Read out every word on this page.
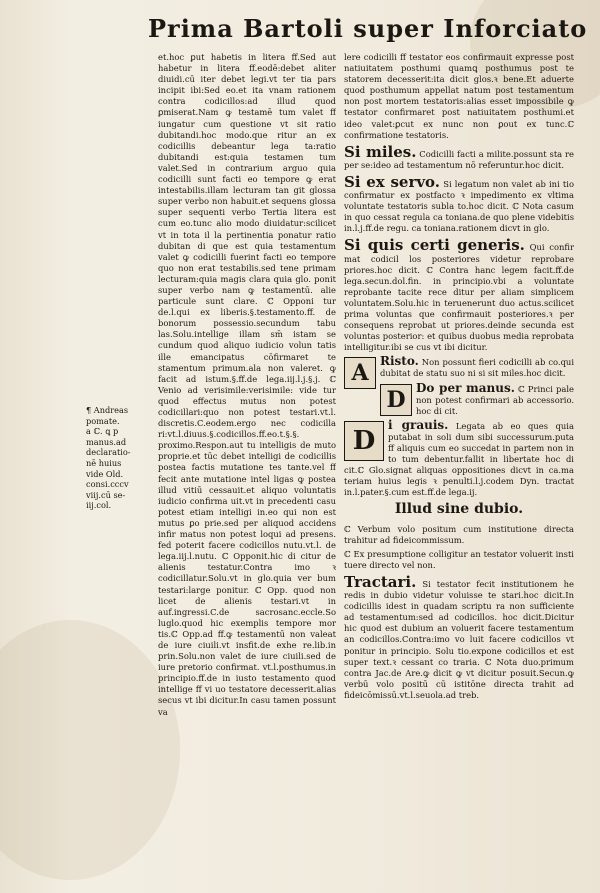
Prima Bartoli super Inforciato

¶ Andreas

pomate.

a ℂ. ꝗ p

manus.ad

declaratio-

nē huius

vide Old.

consi.cccv

viij.cū se-

iij.col.

et.hoc ꝑut habetis in litera ff.Sed aut habetur in litera ff.eodē:debet aliter diuidi.cū iter debet legi.vt ter tia pars incipit ibi:Sed eo.et ita vnam rationem contra codicillos:ad illud quod ꝑmiserat.Nam ꝙ testamē tum valet ff iungatur cum questione vt sit ratio dubitandi.hoc modo.que ritur an ex codicillis debeantur lega ta:ratio dubitandi est:quia testamen tum valet.Sed in contrarium arguo quia codicilli sunt facti eo tempore ꝙ erat intestabilis.illam lecturam tan git glossa super verbo non habuit.et sequens glossa super sequenti verbo Tertia litera est cum eo.tunc alio modo diuidatur:scilicet vt in tota il la pertinentia ponatur ratio dubitan di que est quia testamentum valet ꝙ codicilli fuerint facti eo tempore quo non erat testabilis.sed tene primam lecturam:quia magis clara quia glo. ponit super verbo nam ꝙ testamentū. alie particule sunt clare. ℂ Opponi tur de.l.qui ex liberis.§.testamento.ff. de bonorum possessio.secundum tabu las.Solu.intellige illam sm̄ istam se cundum quod aliquo iudicio volun tatis ille emancipatus cōfirmaret te stamentum primum.ala non valeret. ꝙ facit ad istum.§.ff.de lega.iij.l.j.§.j. ℂ Venio ad verisimile:verisimile: vide tur quod effectus mutus non potest codicillari:quo non potest testari.vt.l. discretis.C.eodem.ergo nec codicilla ri:vt.l.diuus.§.codicillos.ff.eo.t.§.§. proximo.Respon.aut tu intelligis de muto proprie.et tūc debet intelligi de codicillis postea factis mutatione tes tante.vel ff fecit ante mutatione intel ligas ꝙ postea illud vitiū cessauit.et aliquo voluntatis iudicio confirma uit.vt in precedenti casu potest etiam intelligi in.eo qui non est mutus ꝑo prie.sed per aliquod accidens infir matus non potest loqui ad presens. fed poterit facere codicillos nutu.vt.l. de lega.iij.l.nutu. ℂ Opponit.hic di citur de alienis testatur.Contra imo ꝛ codicillatur.Solu.vt in glo.quia ver bum testari:large ponitur. ℂ Opp. quod non licet de alienis testari.vt in auf.ingressi.C.de sacrosanc.eccle.So luglo.quod hic exemplis tempore mor tis.ℂ Opp.ad ff.ꝙ testamentū non valeat de iure ciuili.vt insfit.de exhe re.lib.in prin.Solu.non valet de iure ciuili.sed de iure pretorio confirmat. vt.l.posthumus.in principio.ff.de in iusto testamento quod intellige ff vi uo testatore decesserit.alias secus vt ibi dicitur.In casu tamen possunt va

lere codicilli ff testator eos confirmauit expresse post natiuitatem posthumi quamꝗ posthumus post te statorem decesserit:ita dicit glos.ꝛ bene.Et aduerte quod posthumum appellat natum post testamentum non post mortem testatoris:alias esset impossibile ꝙ testator confirmaret post natiuitatem posthumi.et ideo valet:ꝑcut ex nunc non ꝑout ex tunc.ℂ confirmatione testatoris.

Si miles. Codicilli facti a milite.possunt sta re per se:ideo ad testamentum nō referuntur.hoc dicit.

Si ex servo. Si legatum non valet ab ini tio confirmatur ex postfacto ꝛ impedimento ex vltima voluntate testatoris subla to.hoc dicit. ℂ Nota casum in quo cessat regula ca toniana.de quo plene videbitis in.l.j.ff.de regu. ca toniana.rationem dicvt in glo.

Si quis certi generis. Qui confir mat codicil los posteriores videtur reprobare priores.hoc dicit. ℂ Contra hanc legem facit.ff.de lega.secun.dol.fin. in principio.vbi a voluntate reprobante tacite rece ditur per aliam simplicem voluntatem.Solu.hic in teruenerunt duo actus.scilicet prima voluntas que confirmauit posteriores.ꝛ per consequens reprobat ut priores.deinde secunda est voluntas posterior: et quibus duobus media reprobata intelligitur.ibi se cus vt ibi dicitur.

A Risto. Non possunt fieri codicilli ab co.qui dubitat de statu suo ni si sit miles.hoc dicit.

D Do per manus. ℂ Princi pale non potest confirmari ab accessorio. hoc di cit.

D
i grauis. Legata ab eo ques quia putabat in soli dum sibi successurum.puta ff aliquis cum eo succedat in partem non in to tum debentur.fallit in libertate hoc di cit.ℂ Glo.signat aliquas oppositiones dicvt in ca.ma teriam huius legis ꝛ penulti.l.j.codem Dyn. tractat in.l.pater.§.cum est.ff.de lega.ij.

Illud sine dubio.

ℂ Verbum volo positum cum institutione directa trahitur ad fideicommissum.

ℂ Ex presumptione colligitur an testator voluerit insti tuere directo vel non.

Tractari. Si testator fecit institutionem he redis in dubio videtur voluisse te stari.hoc dicit.In codicillis idest in quadam scriptu ra non sufficiente ad testamentum:sed ad codicillos. hoc dicit.Dicitur hic quod est dubium an voluerit facere testamentum an codicillos.Contra:imo vo luit facere codicillos vt ponitur in principio. Solu tio.expone codicillos et est super text.ꝛ cessant co traria. ℂ Nota duo.primum contra Jac.de Are.ꝙ dicit ꝙ vt dicitur posuit.Secun.ꝙ verbū volo positū cū istitōne directa trahit ad fideicōmissū.vt.l.seuola.ad treb.
